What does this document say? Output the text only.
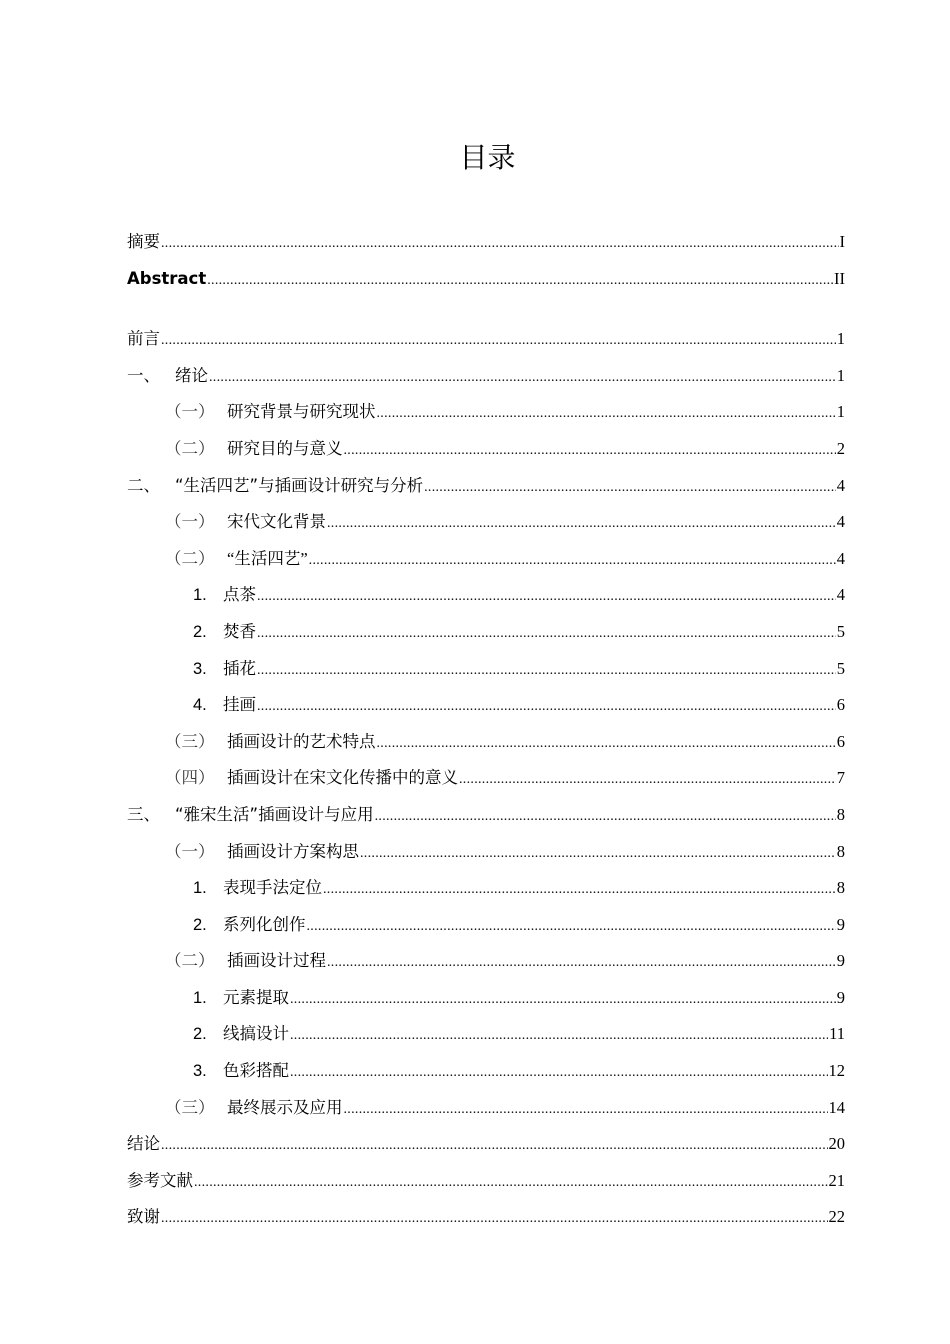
目录
摘要 .....	I
Abstract .....	II
前言 .....	1
一、 绪论 .....	1
（一） 研究背景与研究现状 .....	1
（二） 研究目的与意义 .....	2
二、 “生活四艺”与插画设计研究与分析 .....	4
（一） 宋代文化背景 .....	4
（二） “生活四艺” .....	4
1. 点茶 .....	4
2. 焚香 .....	5
3. 插花 .....	5
4. 挂画 .....	6
（三） 插画设计的艺术特点 .....	6
（四） 插画设计在宋文化传播中的意义 .....	7
三、 “雅宋生活”插画设计与应用 .....	8
（一） 插画设计方案构思 .....	8
1. 表现手法定位 .....	8
2. 系列化创作 .....	9
（二） 插画设计过程 .....	9
1. 元素提取 .....	9
2. 线搞设计 .....	11
3. 色彩搭配 .....	12
（三） 最终展示及应用 .....	14
结论 .....	20
参考文献 .....	21
致谢 .....	22
